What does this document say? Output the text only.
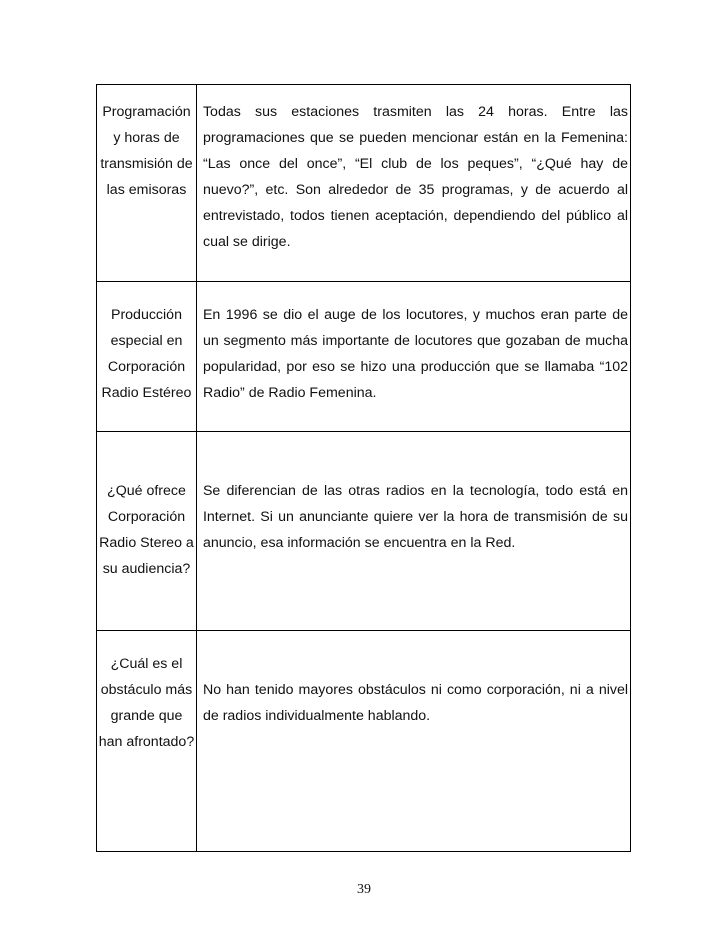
Programación y horas de transmisión de las emisoras	Todas sus estaciones trasmiten las 24 horas. Entre las programaciones que se pueden mencionar están en la Femenina: “Las once del once”, “El club de los peques”, “¿Qué hay de nuevo?”, etc. Son alrededor de 35 programas, y de acuerdo al entrevistado, todos tienen aceptación, dependiendo del público al cual se dirige.

Producción especial en Corporación Radio Estéreo	En 1996 se dio el auge de los locutores, y muchos eran parte de un segmento más importante de locutores que gozaban de mucha popularidad, por eso se hizo una producción que se llamaba “102 Radio” de Radio Femenina.

¿Qué ofrece Corporación Radio Stereo a su audiencia?	Se diferencian de las otras radios en la tecnología, todo está en Internet. Si un anunciante quiere ver la hora de transmisión de su anuncio, esa información se encuentra en la Red.

¿Cuál es el obstáculo más grande que han afrontado?	No han tenido mayores obstáculos ni como corporación, ni a nivel de radios individualmente hablando.
39
